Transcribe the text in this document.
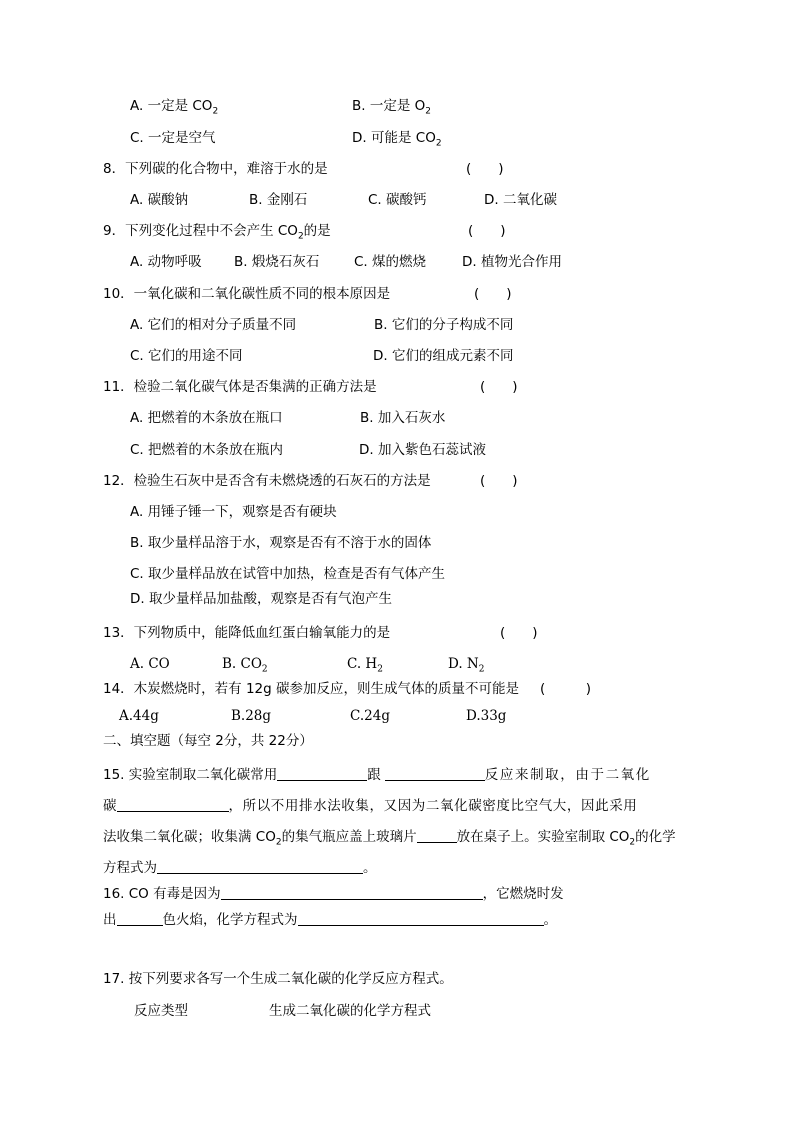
A. 一定是 $CO_2$	B. 一定是 $O_2$
C. 一定是空气	D. 可能是 $CO_2$
8．下列碳的化合物中，难溶于水的是	(　　)
A. 碳酸钠	B. 金刚石	C. 碳酸钙	D. 二氧化碳
9．下列变化过程中不会产生 $CO_2$的是	(　　)
A. 动物呼吸 B. 煅烧石灰石	C. 煤的燃烧	D. 植物光合作用
10．一氧化碳和二氧化碳性质不同的根本原因是	(　　)
A. 它们的相对分子质量不同	B. 它们的分子构成不同
C. 它们的用途不同	D. 它们的组成元素不同
11．检验二氧化碳气体是否集满的正确方法是	(　　)
A. 把燃着的木条放在瓶口	B. 加入石灰水
C. 把燃着的木条放在瓶内	D. 加入紫色石蕊试液
12．检验生石灰中是否含有未燃烧透的石灰石的方法是	(　　)
A. 用锤子锤一下，观察是否有硬块
B. 取少量样品溶于水，观察是否有不溶于水的固体
C. 取少量样品放在试管中加热，检查是否有气体产生
D. 取少量样品加盐酸，观察是否有气泡产生
13．下列物质中，能降低血红蛋白输氧能力的是	(　　)
A. CO	B. $CO_2$	C. $H_2$	D. $N_2$
14．木炭燃烧时，若有 12g 碳参加反应，则生成气体的质量不可能是 (　　　)
A.44g	B.28g	C.24g	D.33g
二、填空题（每空 2分，共 22分）
15. 实验室制取二氧化碳常用	跟	反应来制取，由于二氧化
碳	，所以不用排水法收集，又因为二氧化碳密度比空气大，因此采用
法收集二氧化碳；收集满 $CO_2$的集气瓶应盖上玻璃片	放在桌子上。实验室制取 $CO_2$的化学
方程式为	。
16. CO 有毒是因为	，它燃烧时发
出	色火焰，化学方程式为	。
17. 按下列要求各写一个生成二氧化碳的化学反应方程式。
反应类型	生成二氧化碳的化学方程式
